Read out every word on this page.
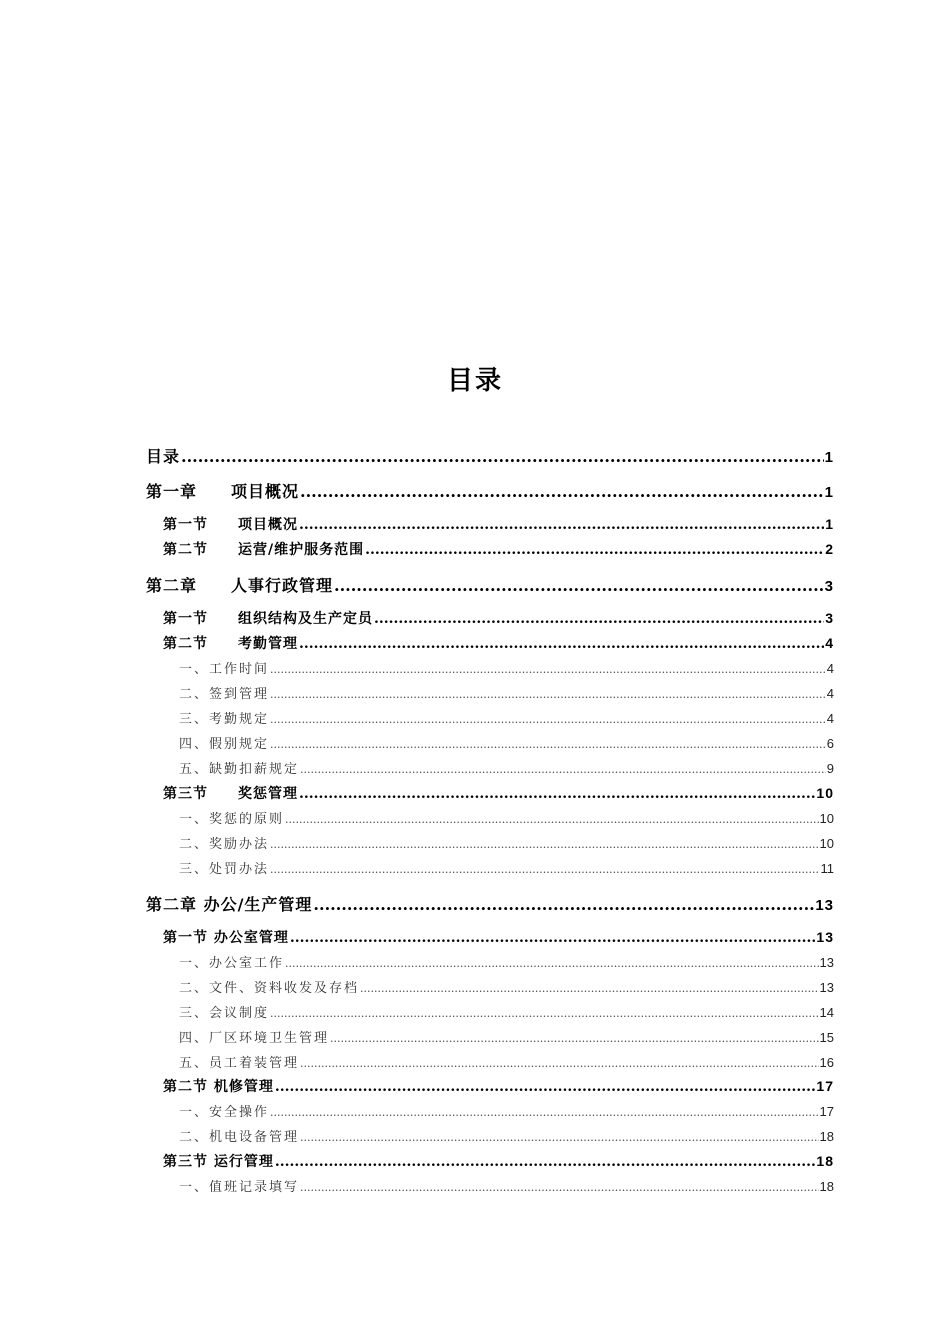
目录
目录 .....	1
第一章　　项目概况 .....	1
第一节　　项目概况 .....	1
第二节　　运营/维护服务范围 .....	2
第二章　　人事行政管理 .....	3
第一节　　组织结构及生产定员 .....	3
第二节　　考勤管理 .....	4
一、工作时间 .....	4
二、签到管理 .....	4
三、考勤规定 .....	4
四、假别规定 .....	6
五、缺勤扣薪规定 .....	9
第三节　　奖惩管理 .....	10
一、奖惩的原则 .....	10
二、奖励办法 .....	10
三、处罚办法 .....	11
第二章 办公/生产管理 .....	13
第一节 办公室管理 .....	13
一、办公室工作 .....	13
二、文件、资料收发及存档 .....	13
三、会议制度 .....	14
四、厂区环境卫生管理 .....	15
五、员工着装管理 .....	16
第二节 机修管理 .....	17
一、安全操作 .....	17
二、机电设备管理 .....	18
第三节 运行管理 .....	18
一、值班记录填写 .....	18
